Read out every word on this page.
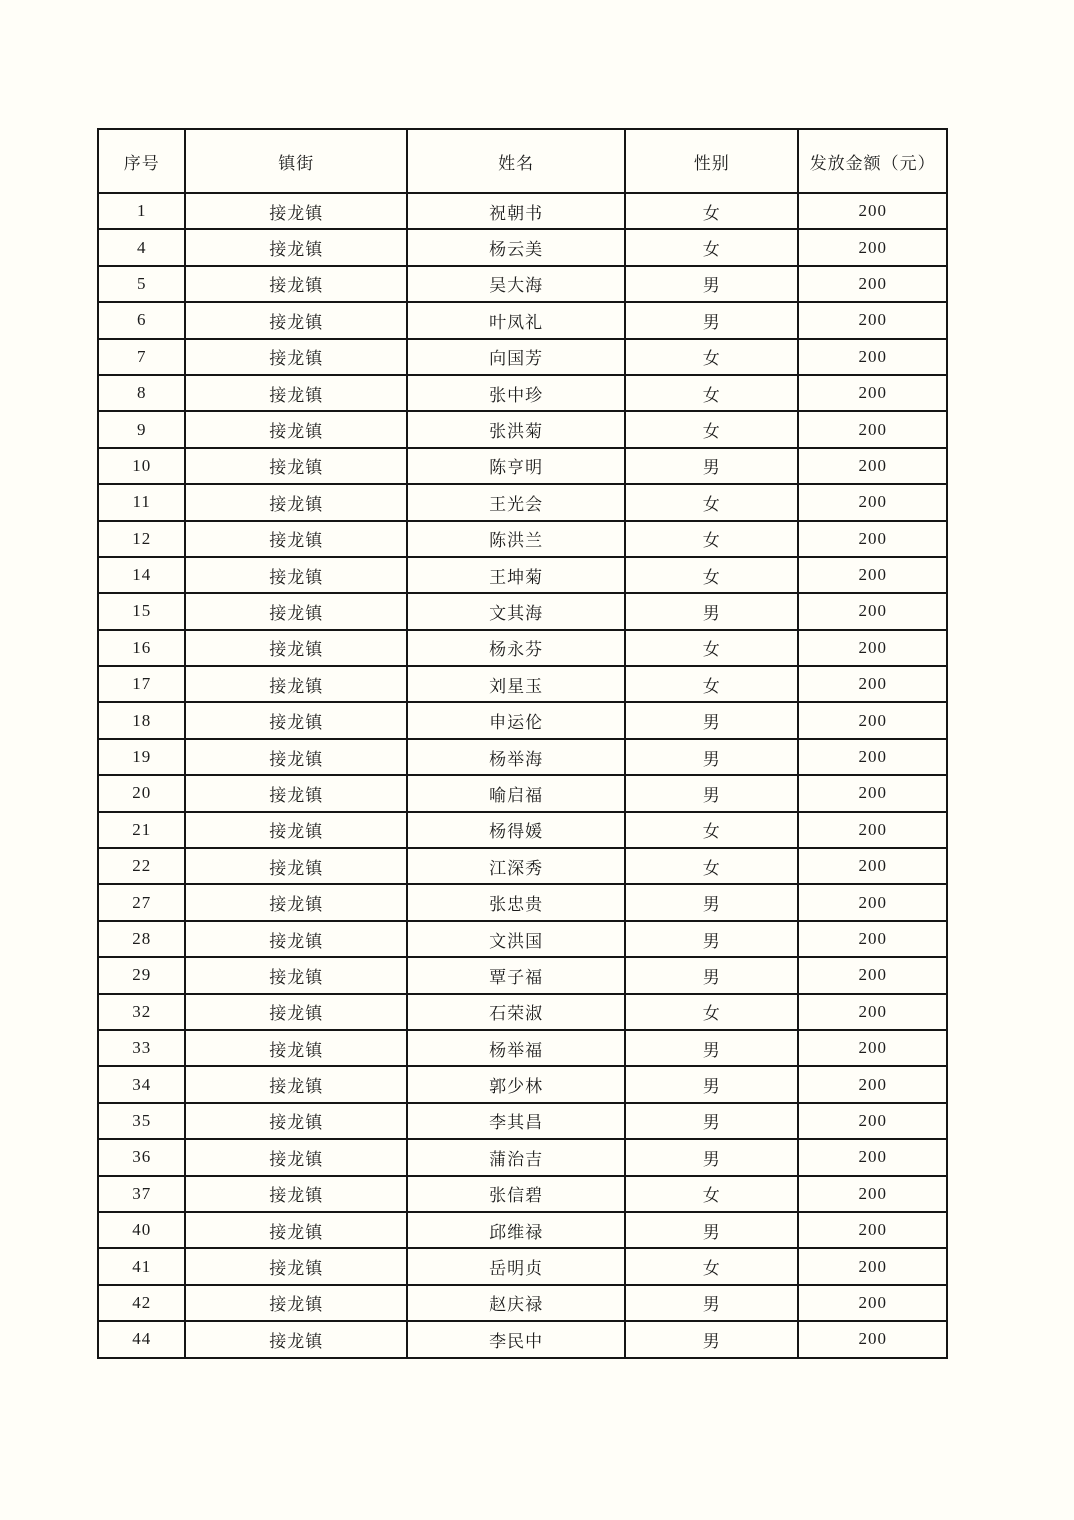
序号	镇街	姓名	性别	发放金额（元）
1	接龙镇	祝朝书	女	200
4	接龙镇	杨云美	女	200
5	接龙镇	吴大海	男	200
6	接龙镇	叶凤礼	男	200
7	接龙镇	向国芳	女	200
8	接龙镇	张中珍	女	200
9	接龙镇	张洪菊	女	200
10	接龙镇	陈亨明	男	200
11	接龙镇	王光会	女	200
12	接龙镇	陈洪兰	女	200
14	接龙镇	王坤菊	女	200
15	接龙镇	文其海	男	200
16	接龙镇	杨永芬	女	200
17	接龙镇	刘星玉	女	200
18	接龙镇	申运伦	男	200
19	接龙镇	杨举海	男	200
20	接龙镇	喻启福	男	200
21	接龙镇	杨得媛	女	200
22	接龙镇	江深秀	女	200
27	接龙镇	张忠贵	男	200
28	接龙镇	文洪国	男	200
29	接龙镇	覃子福	男	200
32	接龙镇	石荣淑	女	200
33	接龙镇	杨举福	男	200
34	接龙镇	郭少林	男	200
35	接龙镇	李其昌	男	200
36	接龙镇	蒲治吉	男	200
37	接龙镇	张信碧	女	200
40	接龙镇	邱维禄	男	200
41	接龙镇	岳明贞	女	200
42	接龙镇	赵庆禄	男	200
44	接龙镇	李民中	男	200
